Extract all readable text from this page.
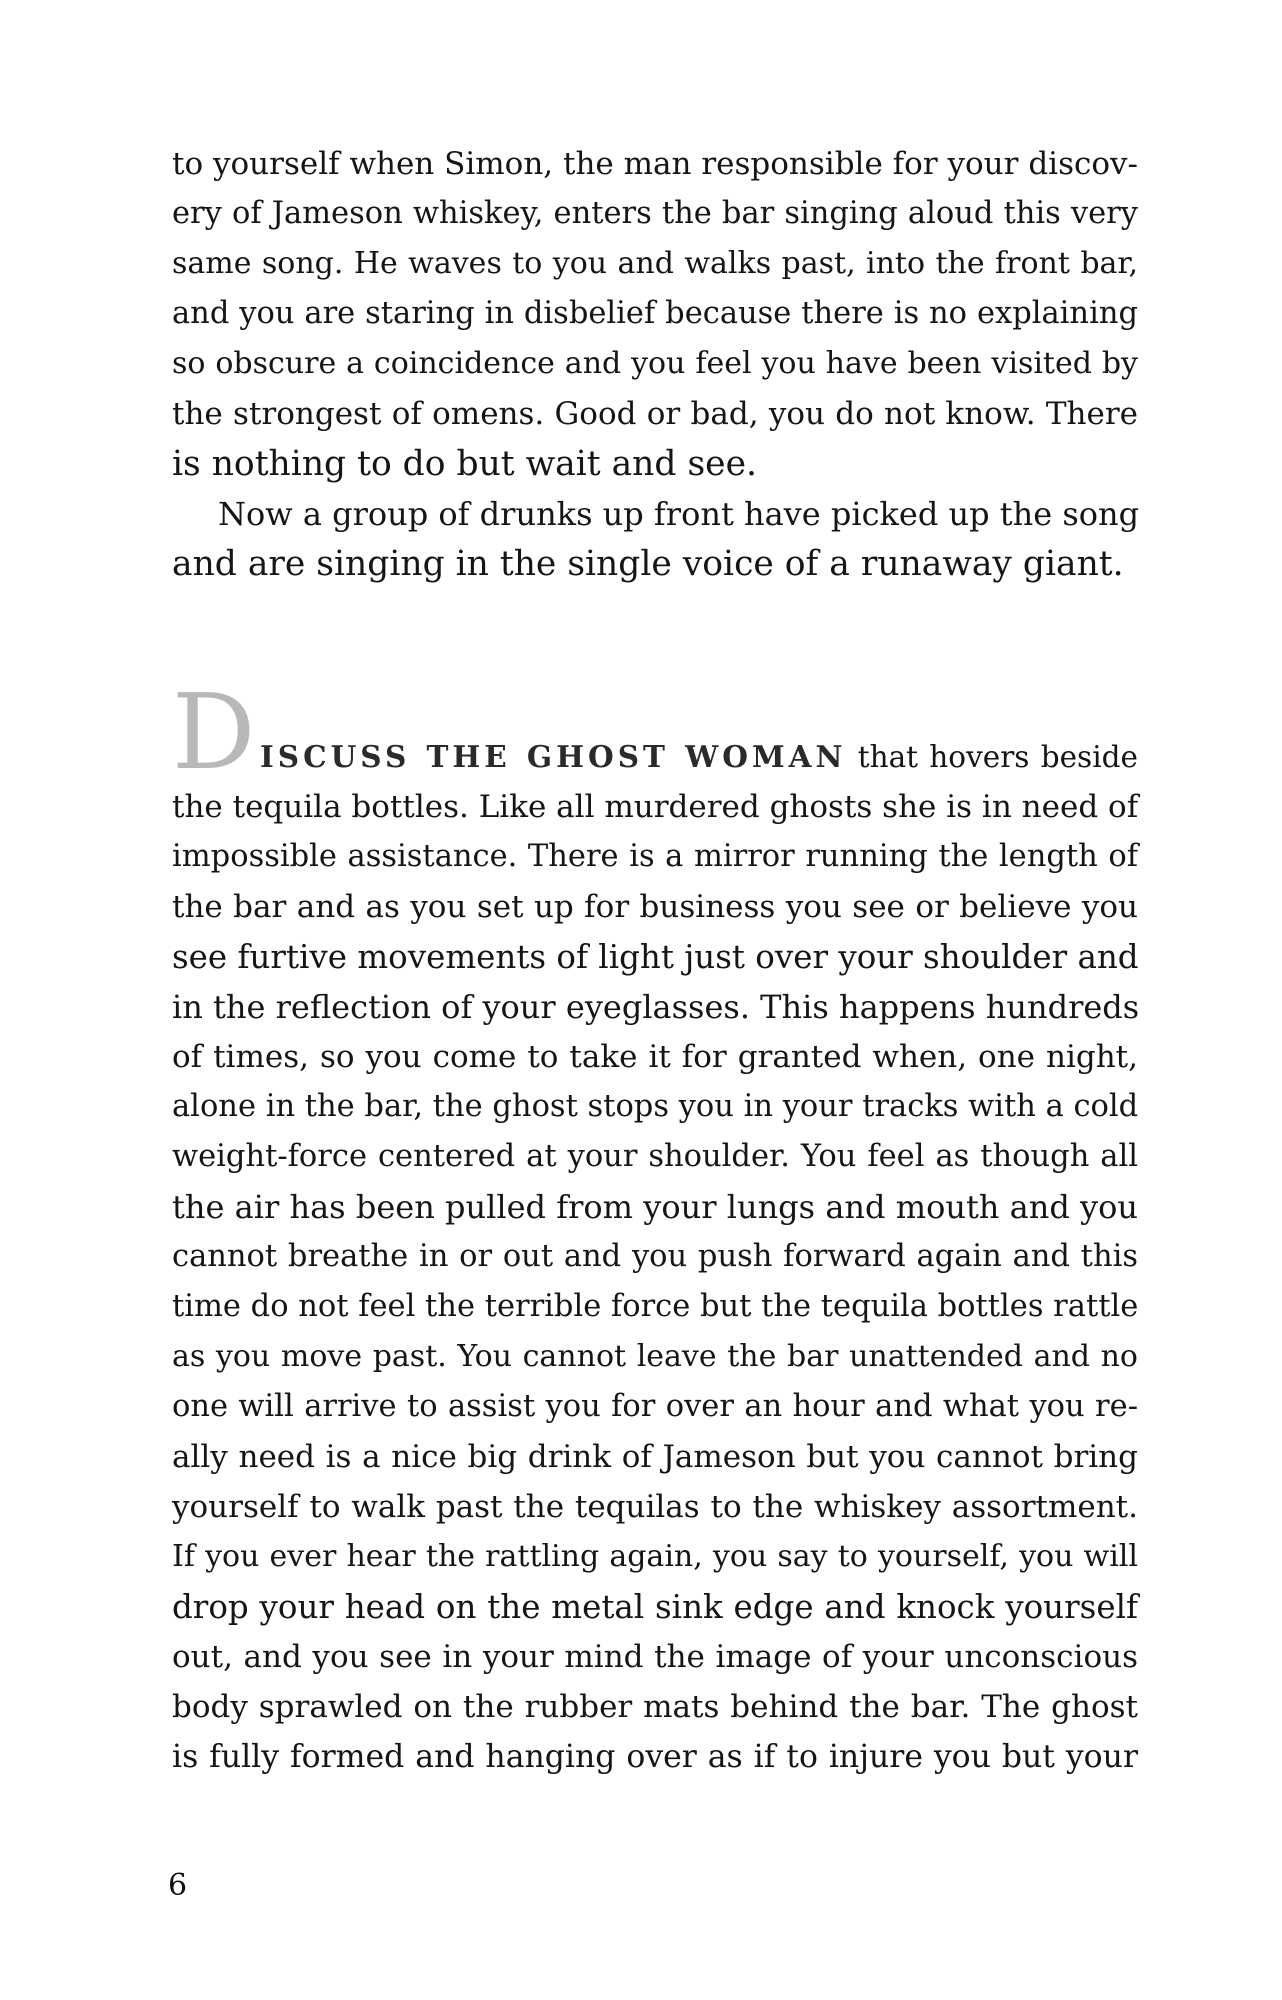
to yourself when Simon, the man responsible for your discov-
ery of Jameson whiskey, enters the bar singing aloud this very
same song. He waves to you and walks past, into the front bar,
and you are staring in disbelief because there is no explaining
so obscure a coincidence and you feel you have been visited by
the strongest of omens. Good or bad, you do not know. There
is nothing to do but wait and see.
Now a group of drunks up front have picked up the song
and are singing in the single voice of a runaway giant.
D ISCUSS THE GHOST WOMAN that hovers beside
the tequila bottles. Like all murdered ghosts she is in need of
impossible assistance. There is a mirror running the length of
the bar and as you set up for business you see or believe you
see furtive movements of light just over your shoulder and
in the reflection of your eyeglasses. This happens hundreds
of times, so you come to take it for granted when, one night,
alone in the bar, the ghost stops you in your tracks with a cold
weight-force centered at your shoulder. You feel as though all
the air has been pulled from your lungs and mouth and you
cannot breathe in or out and you push forward again and this
time do not feel the terrible force but the tequila bottles rattle
as you move past. You cannot leave the bar unattended and no
one will arrive to assist you for over an hour and what you re-
ally need is a nice big drink of Jameson but you cannot bring
yourself to walk past the tequilas to the whiskey assortment.
If you ever hear the rattling again, you say to yourself, you will
drop your head on the metal sink edge and knock yourself
out, and you see in your mind the image of your unconscious
body sprawled on the rubber mats behind the bar. The ghost
is fully formed and hanging over as if to injure you but your
6
